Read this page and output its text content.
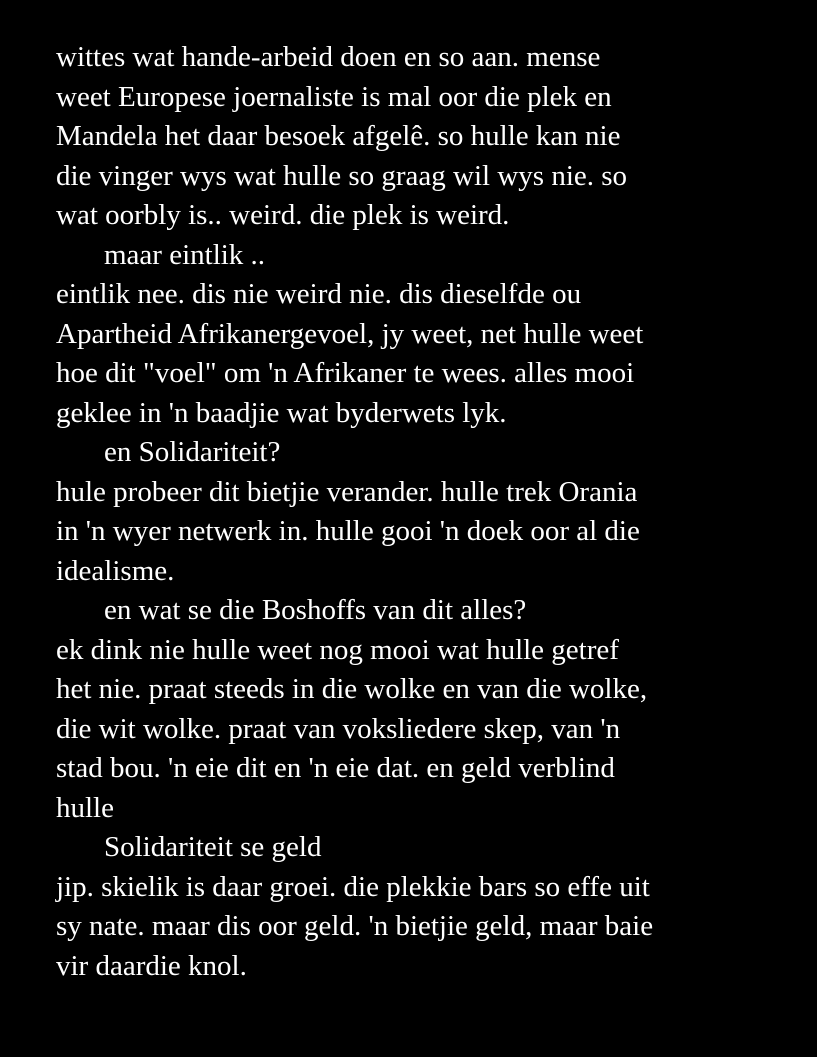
wittes wat hande-arbeid doen en so aan. mense
weet Europese joernaliste is mal oor die plek en
Mandela het daar besoek afgelê. so hulle kan nie
die vinger wys wat hulle so graag wil wys nie. so
wat oorbly is.. weird. die plek is weird.
maar eintlik ..
eintlik nee. dis nie weird nie. dis dieselfde ou
Apartheid Afrikanergevoel, jy weet, net hulle weet
hoe dit "voel" om 'n Afrikaner te wees. alles mooi
geklee in 'n baadjie wat byderwets lyk.
en Solidariteit?
hule probeer dit bietjie verander. hulle trek Orania
in 'n wyer netwerk in. hulle gooi 'n doek oor al die
idealisme.
en wat se die Boshoffs van dit alles?
ek dink nie hulle weet nog mooi wat hulle getref
het nie. praat steeds in die wolke en van die wolke,
die wit wolke. praat van voksliedere skep, van 'n
stad bou. 'n eie dit en 'n eie dat. en geld verblind
hulle
Solidariteit se geld
jip. skielik is daar groei. die plekkie bars so effe uit
sy nate. maar dis oor geld. 'n bietjie geld, maar baie
vir daardie knol.
